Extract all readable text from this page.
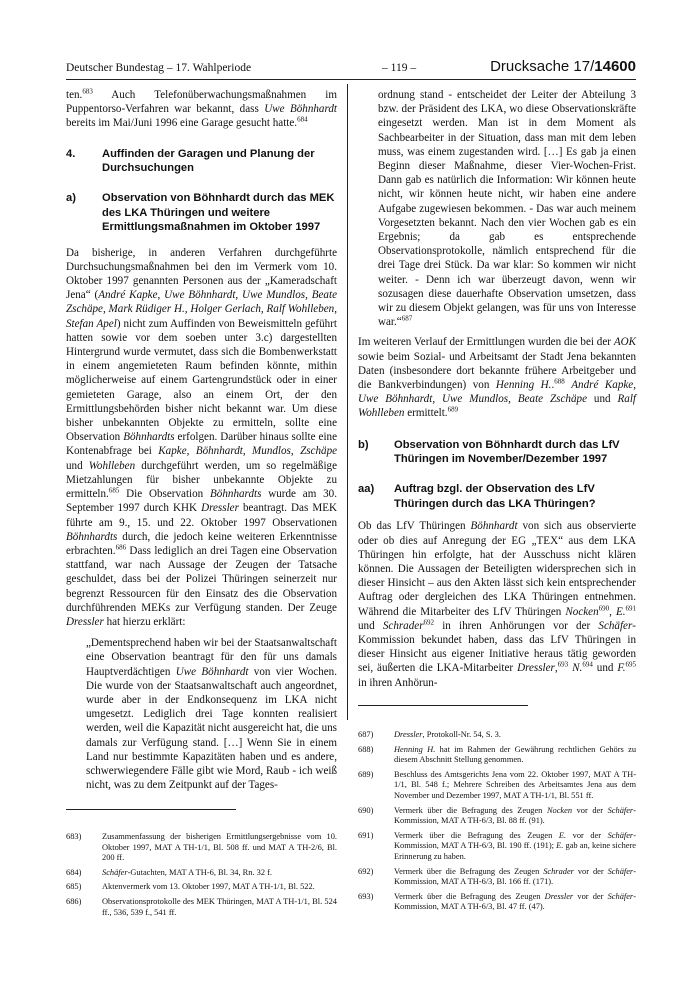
Deutscher Bundestag – 17. Wahlperiode	– 119 –	Drucksache 17/14600

ten.$^{683}$ Auch Telefonüberwachungsmaßnahmen im Puppentorso-Verfahren war bekannt, dass Uwe Böhnhardt bereits im Mai/Juni 1996 eine Garage gesucht hatte.$^{684}$

4.	Auffinden der Garagen und Planung der Durchsuchungen
a)	Observation von Böhnhardt durch das MEK des LKA Thüringen und weitere Ermittlungsmaßnahmen im Oktober 1997

Da bisherige, in anderen Verfahren durchgeführte Durchsuchungsmaßnahmen bei den im Vermerk vom 10. Oktober 1997 genannten Personen aus der „Kameradschaft Jena“ (André Kapke, Uwe Böhnhardt, Uwe Mundlos, Beate Zschäpe, Mark Rüdiger H., Holger Gerlach, Ralf Wohlleben, Stefan Apel) nicht zum Auffinden von Beweismitteln geführt hatten sowie vor dem soeben unter 3.c) dargestellten Hintergrund wurde vermutet, dass sich die Bombenwerkstatt in einem angemieteten Raum befinden könnte, mithin möglicherweise auf einem Gartengrundstück oder in einer gemieteten Garage, also an einem Ort, der den Ermittlungsbehörden bisher nicht bekannt war. Um diese bisher unbekannten Objekte zu ermitteln, sollte eine Observation Böhnhardts erfolgen. Darüber hinaus sollte eine Kontenabfrage bei Kapke, Böhnhardt, Mundlos, Zschäpe und Wohlleben durchgeführt werden, um so regelmäßige Mietzahlungen für bisher unbekannte Objekte zu ermitteln.$^{685}$ Die Observation Böhnhardts wurde am 30. September 1997 durch KHK Dressler beantragt. Das MEK führte am 9., 15. und 22. Oktober 1997 Observationen Böhnhardts durch, die jedoch keine weiteren Erkenntnisse erbrachten.$^{686}$ Dass lediglich an drei Tagen eine Observation stattfand, war nach Aussage der Zeugen der Tatsache geschuldet, dass bei der Polizei Thüringen seinerzeit nur begrenzt Ressourcen für den Einsatz des die Observation durchführenden MEKs zur Verfügung standen. Der Zeuge Dressler hat hierzu erklärt:

„Dementsprechend haben wir bei der Staatsanwaltschaft eine Observation beantragt für den für uns damals Hauptverdächtigen Uwe Böhnhardt von vier Wochen. Die wurde von der Staatsanwaltschaft auch angeordnet, wurde aber in der Endkonsequenz im LKA nicht umgesetzt. Lediglich drei Tage konnten realisiert werden, weil die Kapazität nicht ausgereicht hat, die uns damals zur Verfügung stand. […] Wenn Sie in einem Land nur bestimmte Kapazitäten haben und es andere, schwerwiegendere Fälle gibt wie Mord, Raub - ich weiß nicht, was zu dem Zeitpunkt auf der Tages-

ordnung stand - entscheidet der Leiter der Abteilung 3 bzw. der Präsident des LKA, wo diese Observationskräfte eingesetzt werden. Man ist in dem Moment als Sachbearbeiter in der Situation, dass man mit dem leben muss, was einem zugestanden wird. […] Es gab ja einen Beginn dieser Maßnahme, dieser Vier-Wochen-Frist. Dann gab es natürlich die Information: Wir können heute nicht, wir können heute nicht, wir haben eine andere Aufgabe zugewiesen bekommen. - Das war auch meinem Vorgesetzten bekannt. Nach den vier Wochen gab es ein Ergebnis; da gab es entsprechende Observationsprotokolle, nämlich entsprechend für die drei Tage drei Stück. Da war klar: So kommen wir nicht weiter. - Denn ich war überzeugt davon, wenn wir sozusagen diese dauerhafte Observation umsetzen, dass wir zu diesem Objekt gelangen, was für uns von Interesse war.“$^{687}$

Im weiteren Verlauf der Ermittlungen wurden die bei der AOK sowie beim Sozial- und Arbeitsamt der Stadt Jena bekannten Daten (insbesondere dort bekannte frühere Arbeitgeber und die Bankverbindungen) von Henning H..$^{688}$ André Kapke, Uwe Böhnhardt, Uwe Mundlos, Beate Zschäpe und Ralf Wohlleben ermittelt.$^{689}$

b)	Observation von Böhnhardt durch das LfV Thüringen im November/Dezember 1997
aa)	Auftrag bzgl. der Observation des LfV Thüringen durch das LKA Thüringen?

Ob das LfV Thüringen Böhnhardt von sich aus observierte oder ob dies auf Anregung der EG „TEX“ aus dem LKA Thüringen hin erfolgte, hat der Ausschuss nicht klären können. Die Aussagen der Beteiligten widersprechen sich in dieser Hinsicht – aus den Akten lässt sich kein entsprechender Auftrag oder dergleichen des LKA Thüringen entnehmen. Während die Mitarbeiter des LfV Thüringen Nocken$^{690}$, E.$^{691}$ und Schrader$^{692}$ in ihren Anhörungen vor der Schäfer-Kommission bekundet haben, dass das LfV Thüringen in dieser Hinsicht aus eigener Initiative heraus tätig geworden sei, äußerten die LKA-Mitarbeiter Dressler,$^{693}$ N.$^{694}$ und F.$^{695}$ in ihren Anhörun-

683)	Zusammenfassung der bisherigen Ermittlungsergebnisse vom 10. Oktober 1997, MAT A TH-1/1, Bl. 508 ff. und MAT A TH-2/6, Bl. 200 ff.
684)	Schäfer-Gutachten, MAT A TH-6, Bl. 34, Rn. 32 f.
685)	Aktenvermerk vom 13. Oktober 1997, MAT A TH-1/1, Bl. 522.
686)	Observationsprotokolle des MEK Thüringen, MAT A TH-1/1, Bl. 524 ff., 536, 539 f., 541 ff.
687)	Dressler, Protokoll-Nr. 54, S. 3.
688)	Henning H. hat im Rahmen der Gewährung rechtlichen Gehörs zu diesem Abschnitt Stellung genommen.
689)	Beschluss des Amtsgerichts Jena vom 22. Oktober 1997, MAT A TH-1/1, Bl. 548 f.; Mehrere Schreiben des Arbeitsamtes Jena aus dem November und Dezember 1997, MAT A TH-1/1, Bl. 551 ff.
690)	Vermerk über die Befragung des Zeugen Nocken vor der Schäfer-Kommission, MAT A TH-6/3, Bl. 88 ff. (91).
691)	Vermerk über die Befragung des Zeugen E. vor der Schäfer-Kommission, MAT A TH-6/3, Bl. 190 ff. (191); E. gab an, keine sichere Erinnerung zu haben.
692)	Vermerk über die Befragung des Zeugen Schrader vor der Schäfer-Kommission, MAT A TH-6/3, Bl. 166 ff. (171).
693)	Vermerk über die Befragung des Zeugen Dressler vor der Schäfer-Kommission, MAT A TH-6/3, Bl. 47 ff. (47).
